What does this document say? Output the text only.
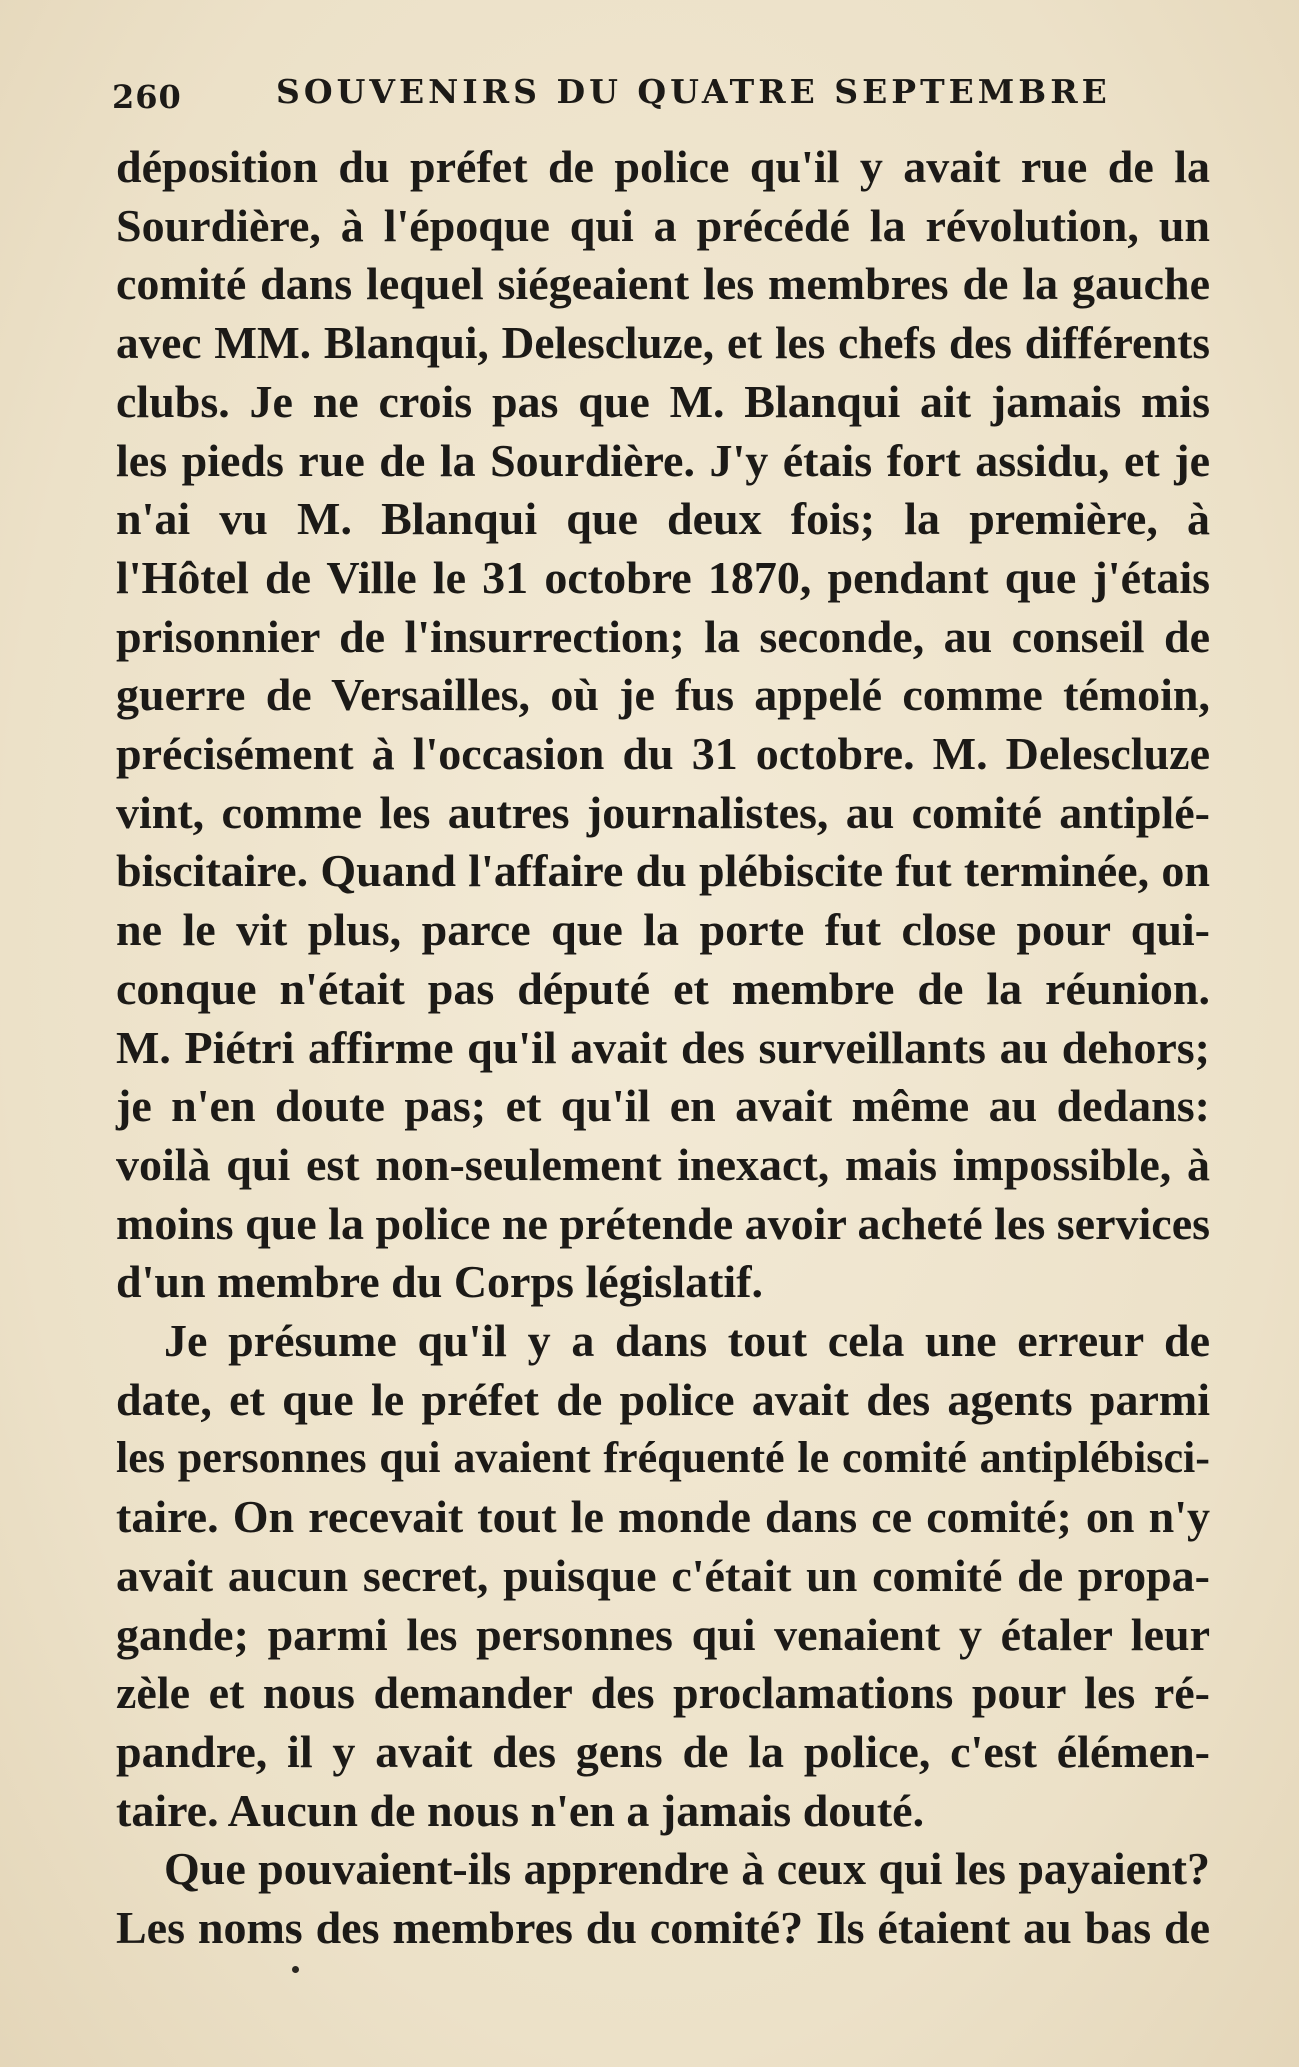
260	SOUVENIRS DU QUATRE SEPTEMBRE
déposition du préfet de police qu'il y avait rue de la
Sourdière, à l'époque qui a précédé la révolution, un
comité dans lequel siégeaient les membres de la gauche
avec MM. Blanqui, Delescluze, et les chefs des différents
clubs. Je ne crois pas que M. Blanqui ait jamais mis
les pieds rue de la Sourdière. J'y étais fort assidu, et je
n'ai vu M. Blanqui que deux fois; la première, à
l'Hôtel de Ville le 31 octobre 1870, pendant que j'étais
prisonnier de l'insurrection; la seconde, au conseil de
guerre de Versailles, où je fus appelé comme témoin,
précisément à l'occasion du 31 octobre. M. Delescluze
vint, comme les autres journalistes, au comité antiplé-
biscitaire. Quand l'affaire du plébiscite fut terminée, on
ne le vit plus, parce que la porte fut close pour qui-
conque n'était pas député et membre de la réunion.
M. Piétri affirme qu'il avait des surveillants au dehors;
je n'en doute pas; et qu'il en avait même au dedans:
voilà qui est non-seulement inexact, mais impossible, à
moins que la police ne prétende avoir acheté les services
d'un membre du Corps législatif.
Je présume qu'il y a dans tout cela une erreur de
date, et que le préfet de police avait des agents parmi
les personnes qui avaient fréquenté le comité antiplébisci-
taire. On recevait tout le monde dans ce comité; on n'y
avait aucun secret, puisque c'était un comité de propa-
gande; parmi les personnes qui venaient y étaler leur
zèle et nous demander des proclamations pour les ré-
pandre, il y avait des gens de la police, c'est élémen-
taire. Aucun de nous n'en a jamais douté.
Que pouvaient-ils apprendre à ceux qui les payaient?
Les noms des membres du comité? Ils étaient au bas de
